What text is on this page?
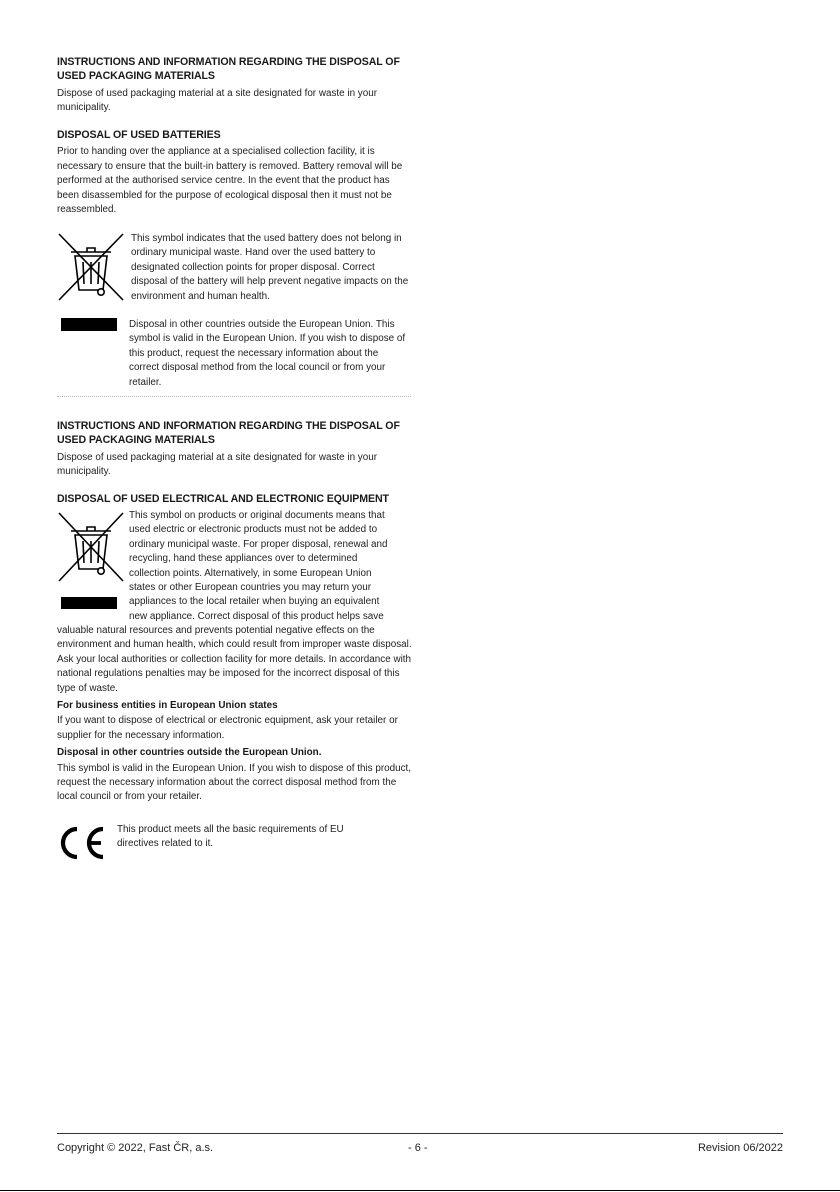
INSTRUCTIONS AND INFORMATION REGARDING THE DISPOSAL OF USED PACKAGING MATERIALS

Dispose of used packaging material at a site designated for waste in your municipality.

DISPOSAL OF USED BATTERIES

Prior to handing over the appliance at a specialised collection facility, it is necessary to ensure that the built-in battery is removed. Battery removal will be performed at the authorised service centre. In the event that the product has been disassembled for the purpose of ecological disposal then it must not be reassembled.

This symbol indicates that the used battery does not belong in ordinary municipal waste. Hand over the used battery to designated collection points for proper disposal. Correct disposal of the battery will help prevent negative impacts on the environment and human health.

Disposal in other countries outside the European Union. This symbol is valid in the European Union. If you wish to dispose of this product, request the necessary information about the correct disposal method from the local council or from your retailer.

INSTRUCTIONS AND INFORMATION REGARDING THE DISPOSAL OF USED PACKAGING MATERIALS

Dispose of used packaging material at a site designated for waste in your municipality.

DISPOSAL OF USED ELECTRICAL AND ELECTRONIC EQUIPMENT

This symbol on products or original documents means that

used electric or electronic products must not be added to

ordinary municipal waste. For proper disposal, renewal and

recycling, hand these appliances over to determined

collection points. Alternatively, in some European Union

states or other European countries you may return your

appliances to the local retailer when buying an equivalent

new appliance. Correct disposal of this product helps save

valuable natural resources and prevents potential negative effects on the environment and human health, which could result from improper waste disposal. Ask your local authorities or collection facility for more details. In accordance with national regulations penalties may be imposed for the incorrect disposal of this type of waste.

For business entities in European Union states

If you want to dispose of electrical or electronic equipment, ask your retailer or supplier for the necessary information.

Disposal in other countries outside the European Union.

This symbol is valid in the European Union. If you wish to dispose of this product, request the necessary information about the correct disposal method from the local council or from your retailer.

This product meets all the basic requirements of EU directives related to it.

Copyright © 2022, Fast ČR, a.s.	- 6 -	Revision 06/2022
